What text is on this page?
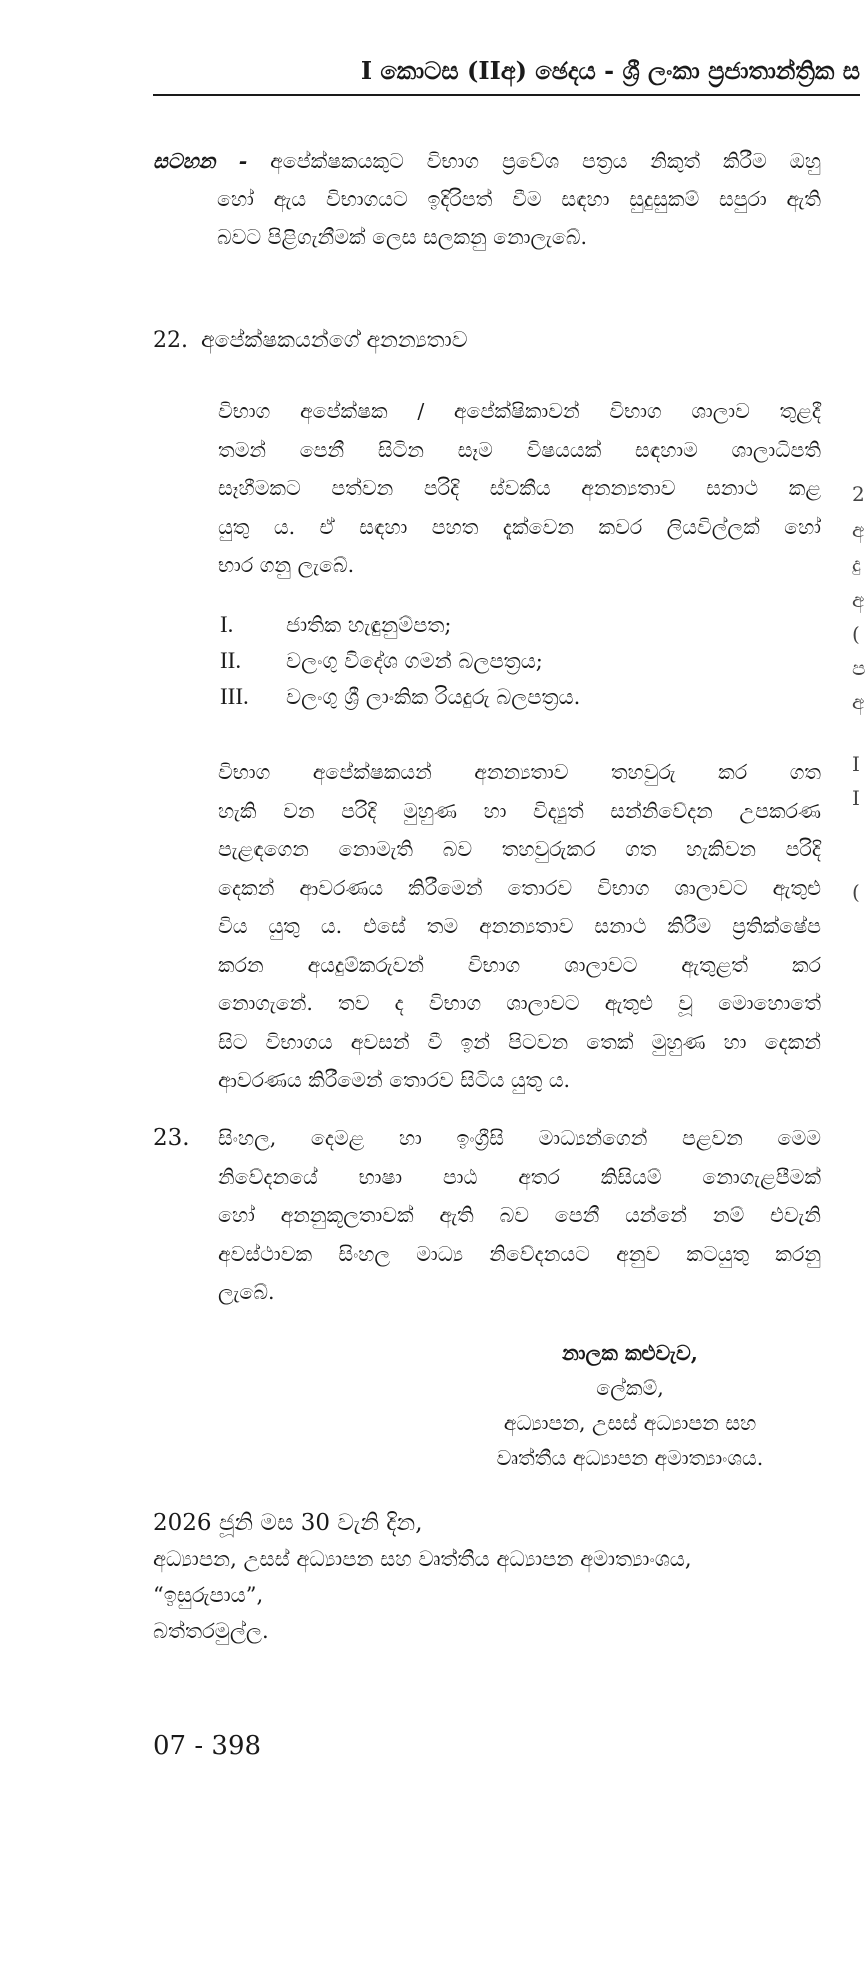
I කොටස (IIඅ) ඡෙදය - ශ්‍රී ලංකා ප්‍රජාතාන්ත්‍රික ස
සටහන - අපේක්ෂකයකුට විභාග ප්‍රවේශ පත්‍රය නිකුත් කිරීම ඔහු
හෝ ඇය විභාගයට ඉදිරිපත් වීම සඳහා සුදුසුකම් සපුරා ඇති
බවට පිළිගැනීමක් ලෙස සලකනු නොලැබේ.
22. අපේක්ෂකයන්ගේ අනන්‍යතාව
විභාග අපේක්ෂක / අපේක්ෂිකාවන් විභාග ශාලාව තුළදී
තමන් පෙනී සිටින සෑම විෂයයක් සඳහාම ශාලාධිපති
සෑහීමකට පත්වන පරිදි ස්වකීය අනන්‍යතාව සනාථ කළ
යුතු ය. ඒ සඳහා පහත දැක්වෙන කවර ලියවිල්ලක් හෝ
භාර ගනු ලැබේ.
I.	ජාතික හැඳුනුම්පත;
II.	වලංගු විදේශ ගමන් බලපත්‍රය;
III.	වලංගු ශ්‍රී ලාංකික රියදුරු බලපත්‍රය.
විභාග අපේක්ෂකයන් අනන්‍යතාව තහවුරු කර ගත
හැකි වන පරිදි මුහුණ හා විද්‍යුත් සන්නිවේදන උපකරණ
පැළඳගෙන නොමැති බව තහවුරුකර ගත හැකිවන පරිදි
දෙකන් ආවරණය කිරීමෙන් තොරව විභාග ශාලාවට ඇතුළු
විය යුතු ය. එසේ තම අනන්‍යතාව සනාථ කිරීම ප්‍රතික්ෂේප
කරන අයදුම්කරුවන් විභාග ශාලාවට ඇතුළත් කර
නොගැනේ. තව ද විභාග ශාලාවට ඇතුළු වූ මොහොතේ
සිට විභාගය අවසන් වී ඉන් පිටවන තෙක් මුහුණ හා දෙකන්
ආවරණය කිරීමෙන් තොරව සිටිය යුතු ය.
23. සිංහල, දෙමළ හා ඉංග්‍රීසි මාධ්‍යන්ගෙන් පළවන මෙම
නිවේදනයේ භාෂා පාඨ අතර කිසියම් නොගැළපීමක්
හෝ අනනුකූලතාවක් ඇති බව පෙනී යන්නේ නම් එවැනි
අවස්ථාවක සිංහල මාධ්‍ය නිවේදනයට අනුව කටයුතු කරනු
ලැබේ.
නාලක කළුවැව,
ලේකම්,
අධ්‍යාපන, උසස් අධ්‍යාපන සහ
වෘත්තීය අධ්‍යාපන අමාත්‍යාංශය.
2026 ජූනි මස 30 වැනි දින,
අධ්‍යාපන, උසස් අධ්‍යාපන සහ වෘත්තීය අධ්‍යාපන අමාත්‍යාංශය,
“ඉසුරුපාය”,
බත්තරමුල්ල.
07 - 398
2
අ
දු
අ
(
ප
අ
I
I
(
